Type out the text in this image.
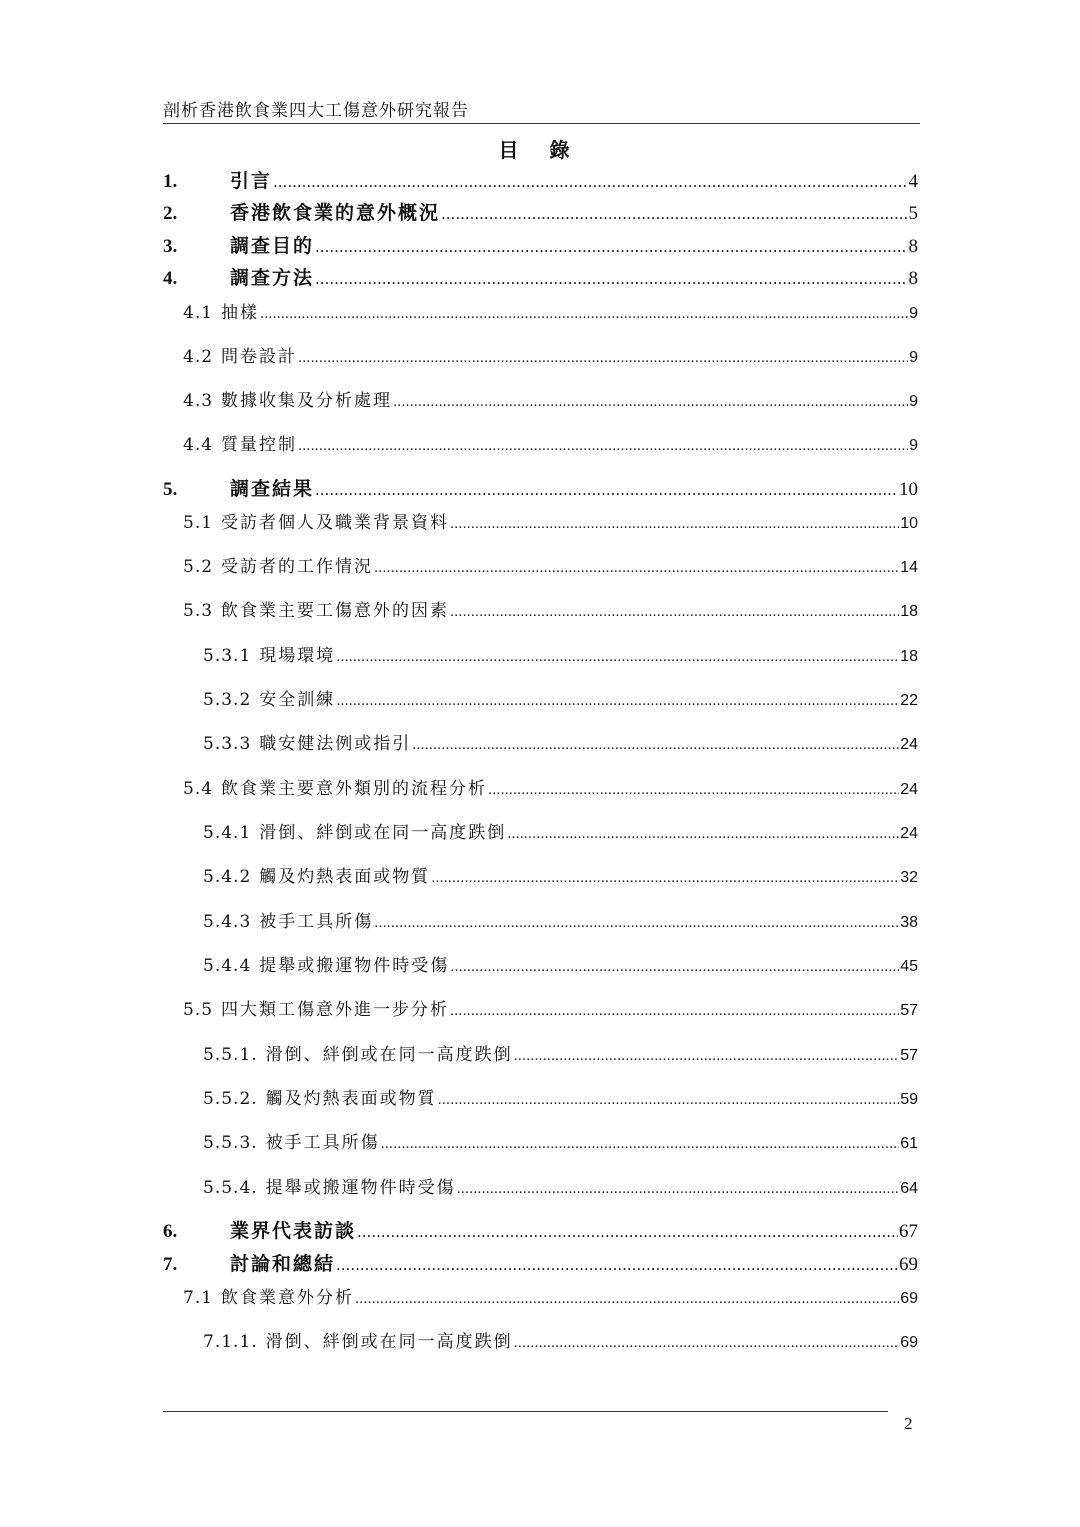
剖析香港飲食業四大工傷意外研究報告
目 錄
1.	引言 .....	4
2.	香港飲食業的意外概況 .....	5
3.	調查目的 .....	8
4.	調查方法 .....	8
4.1 抽樣 .....	9
4.2 問卷設計 .....	9
4.3 數據收集及分析處理 .....	9
4.4 質量控制 .....	9
5.	調查結果 .....	10
5.1 受訪者個人及職業背景資料 .....	10
5.2 受訪者的工作情況 .....	14
5.3 飲食業主要工傷意外的因素 .....	18
5.3.1 現場環境 .....	18
5.3.2 安全訓練 .....	22
5.3.3 職安健法例或指引 .....	24
5.4 飲食業主要意外類別的流程分析 .....	24
5.4.1 滑倒、絆倒或在同一高度跌倒 .....	24
5.4.2 觸及灼熱表面或物質 .....	32
5.4.3 被手工具所傷 .....	38
5.4.4 提舉或搬運物件時受傷 .....	45
5.5 四大類工傷意外進一步分析 .....	57
5.5.1. 滑倒、絆倒或在同一高度跌倒 .....	57
5.5.2. 觸及灼熱表面或物質 .....	59
5.5.3. 被手工具所傷 .....	61
5.5.4. 提舉或搬運物件時受傷 .....	64
6.	業界代表訪談 .....	67
7.	討論和總結 .....	69
7.1 飲食業意外分析 .....	69
7.1.1. 滑倒、絆倒或在同一高度跌倒 .....	69
2
